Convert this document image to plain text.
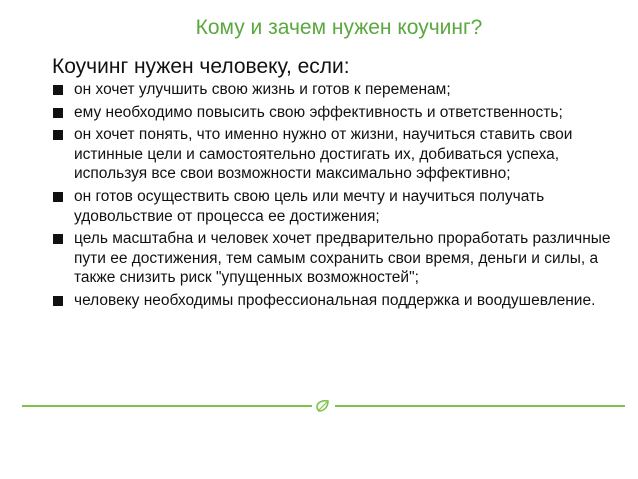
Кому и зачем нужен коучинг?
Коучинг нужен человеку, если:
он хочет улучшить свою жизнь и готов к переменам;
ему необходимо повысить свою эффективность и ответственность;
он хочет понять, что именно нужно от жизни, научиться ставить свои истинные цели и самостоятельно достигать их, добиваться успеха, используя все свои возможности максимально эффективно;
он готов осуществить свою цель или мечту и научиться получать удовольствие от процесса ее достижения;
цель масштабна и человек хочет предварительно проработать различные пути ее достижения, тем самым сохранить свои время, деньги и силы, а также снизить риск "упущенных возможностей";
человеку необходимы профессиональная поддержка и воодушевление.
